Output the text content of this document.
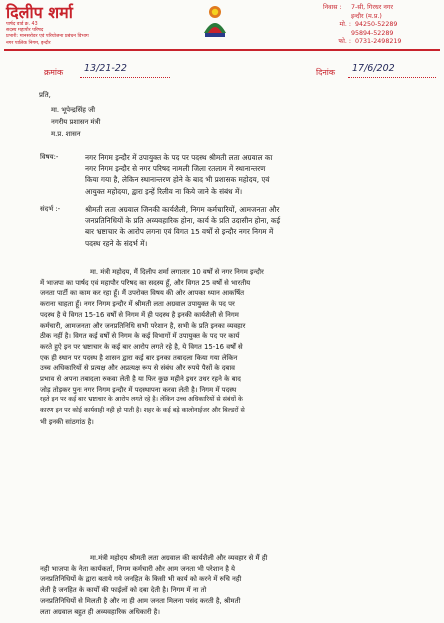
दिलीप शर्मा
पार्षद वार्ड क्र. 43
सदस्य महापौर परिषद
प्रभारी: मानसरोवर एवं परियोजना प्रबंधन विभाग
नगर पालिक निगम, इन्दौर
निवास :	7-सी, गिरधर नगर
इन्दौर (म.प्र.)
मो. : 94250-52289
95894-52289
फो. : 0731-2498219
क्रमांक 13/21-22	दिनांक 17/6/202
प्रति,
मा. भूपेन्द्रसिंह जी
नगरीय प्रशासन मंत्री
म.प्र. शासन
विषय:-	नगर निगम इन्दौर में उपायुक्त के पद पर पदस्थ श्रीमती लता अग्रवाल का
नगर निगम इन्दौर से नगर परिषद नामली जिला रतलाम में स्थानान्तरण
किया गया है, लेकिन स्थानान्तरण होने के बाद भी प्रशासक महोदय, एवं
आयुक्त महोदया, द्वारा इन्हें रिलीव ना किये जाने के संबंध में।
संदर्भ :-	श्रीमती लता अग्रवाल जिनकी कार्यशैली, निगम कर्मचारियों, आमजनता और
जनप्रतिनिधियों के प्रति अव्यवहारिक होना, कार्य के प्रति उदासीन होना, कई
बार भ्रष्टाचार के आरोप लगना एवं विगत 15 वर्षों से इन्दौर नगर निगम में
पदस्थ रहने के संदर्भ में।
मा. मंत्री महोदय, मैं दिलीप शर्मा लगातार 10 वर्षों से नगर निगम इन्दौर
में भाजपा का पार्षद एवं महापौर परिषद का सदस्य हूँ, और विगत 25 वर्षों से भारतीय
जनता पार्टी का काम कर रहा हूँ। मैं उपरोक्त विषय की ओर आपका ध्यान आकर्षित
कराना चाहता हूँ। नगर निगम इन्दौर में श्रीमती लता अग्रवाल उपायुक्त के पद पर
पदस्थ है ये विगत 15-16 वर्षों से निगम में ही पदस्थ है इनकी कार्यशैली से निगम
कर्मचारी, आमजनता और जनप्रतिनिधि सभी परेशान है, सभी के प्रति इनका व्यवहार
ठीक नहीं है। विगत कई वर्षों से निगम के कई विभागों में उपायुक्त के पद पर कार्य
करते हुऐ इन पर भ्रष्टाचार के कई बार आरोप लगते रहे है, ये विगत 15-16 वर्षों से
एक ही स्थान पर पदस्थ है शासन द्वारा कई बार इनका तबादला किया गया लेकिन
उच्च अधिकारियों से प्रत्यक्ष और अप्रत्यक्ष रूप से संबंध और रुपये पैसों के दबाव
प्रभाव से अपना तबादला रुकवा लेती है या फिर कुछ महीने इधर उधर रहने के बाद
जोड़ तोड़कर पुनः नगर निगम इन्दौर में पदस्थापना करवा लेती है। निगम में पदस्थ
रहते इन पर कई बार भ्रष्टाचार के आरोप लगते रहे है। लेकिन उच्च अधिकारियों से संबंधों के
कारण इन पर कोई कार्यवाही नही हो पाती है। शहर के कई बड़े कालोनाईजर और बिल्डरों से
भी इनकी सांठगांठ है।
मा.मंत्री महोदय श्रीमती लता अग्रवाल की कार्यशैली और व्यवहार से मैं ही
नही भाजपा के नेता कार्यकर्ता, निगम कर्मचारी और आम जनता भी परेशान है ये
जनप्रतिनिधियों के द्वारा बताये गये जनहित के किसी भी कार्य को करने में रुचि नही
लेती है जनहित के कार्यों की फाईलों को दबा देती है। निगम में ना तो
जनप्रतिनिधियों से मिलती है और ना ही आम जनता मिलना पसंद करती है, श्रीमती
लता अग्रवाल बहुत ही अव्यवहारिक अधिकारी है।
